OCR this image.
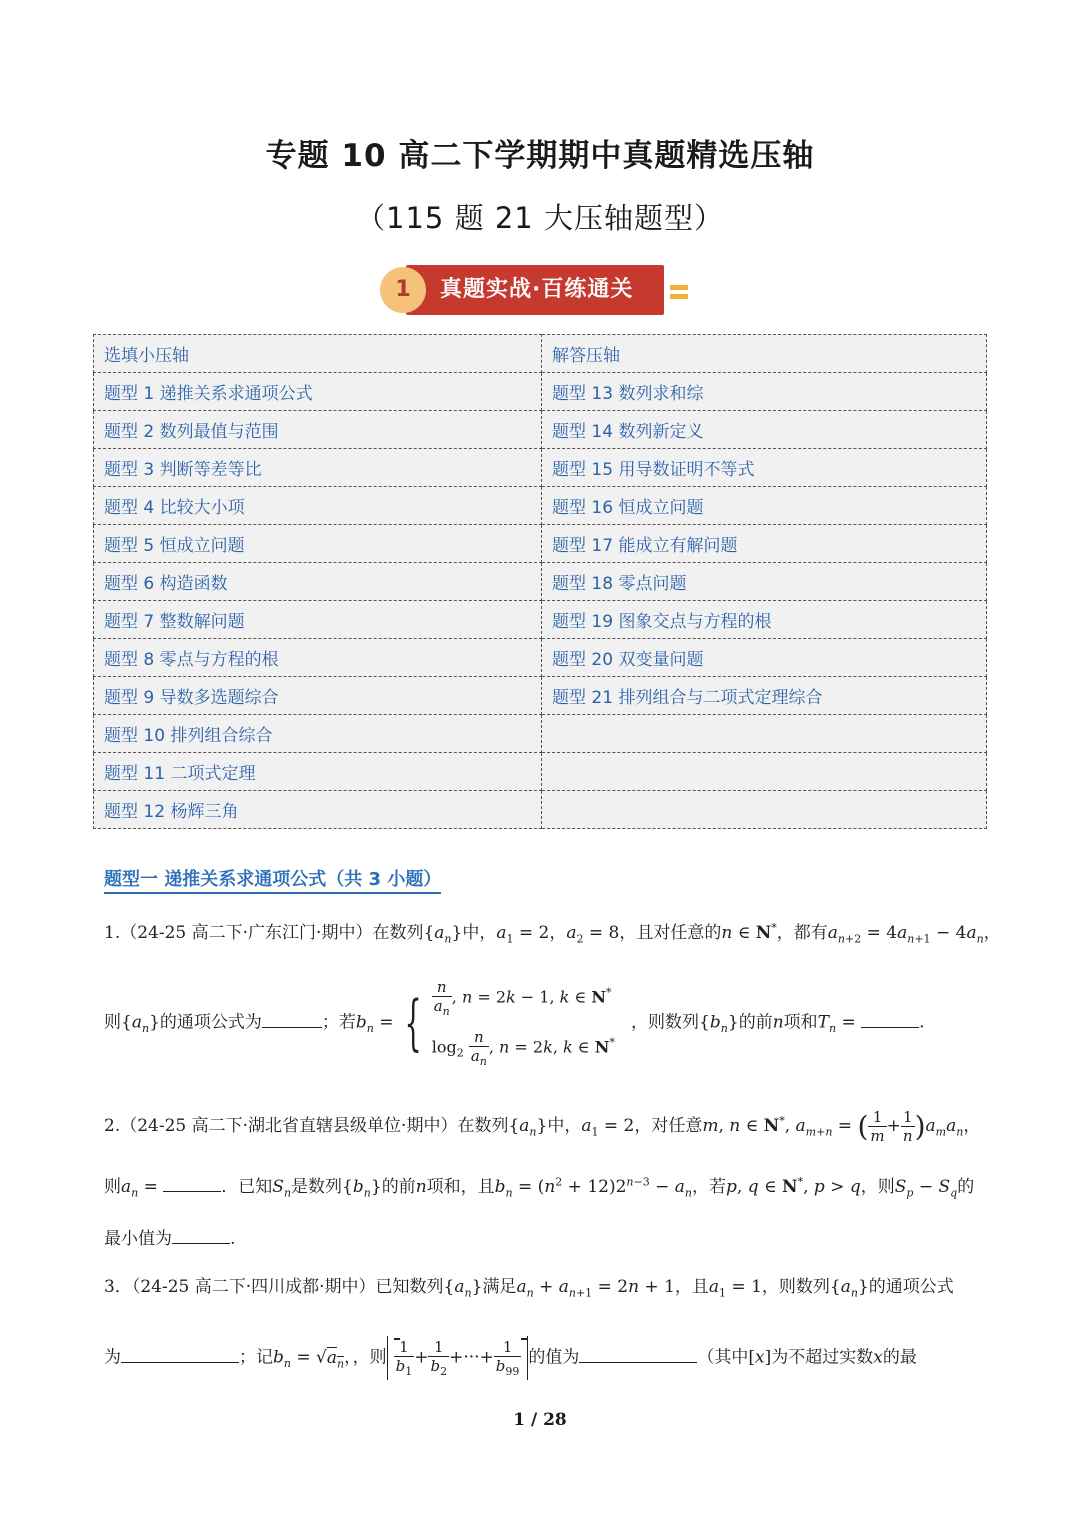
专题 10 高二下学期期中真题精选压轴
（115 题 21 大压轴题型）
1	真题实战·百练通关
选填小压轴	解答压轴
题型 1 递推关系求通项公式	题型 13 数列求和综
题型 2 数列最值与范围	题型 14 数列新定义
题型 3 判断等差等比	题型 15 用导数证明不等式
题型 4 比较大小项	题型 16 恒成立问题
题型 5 恒成立问题	题型 17 能成立有解问题
题型 6 构造函数	题型 18 零点问题
题型 7 整数解问题	题型 19 图象交点与方程的根
题型 8 零点与方程的根	题型 20 双变量问题
题型 9 导数多选题综合	题型 21 排列组合与二项式定理综合
题型 10 排列组合综合	
题型 11 二项式定理	
题型 12 杨辉三角	
题型一 递推关系求通项公式（共 3 小题）
1.（24-25 高二下·广东江门·期中）在数列$\{a_n\}$中，$a_1 = 2$，$a_2 = 8$，且对任意的n ∈ N*，都有$a_{n+2} = 4a_{n+1} - 4a_n$，
则$\{a_n\}$的通项公式为	；若$b_n$ = { $\frac{n}{a_n}$ , n = 2k − 1, k ∈ N*
$\log_2 \frac{n}{a_n}$ , n = 2k, k ∈ N*
，则数列$\{b_n\}$的前n项和$T_n$ =	.
2.（24-25 高二下·湖北省直辖县级单位·期中）在数列$\{a_n\}$中，$a_1 = 2$，对任意m, n ∈ N*, $a_{m+n}$ = ( $\frac{1}{m} + \frac{1}{n} )a_ma_n$，
则$a_n$ =	．已知$S_n$是数列$\{b_n\}$的前n项和，且$b_n = (n^2 + 12)2^{n-3} - a_n$，若p, q ∈ N*, p > q，则$S_p - S_q$的
最小值为	.
3．（24-25 高二下·四川成都·期中）已知数列$\{a_n\}$满足$a_n + a_{n+1} = 2n + 1$，且$a_1 = 1$，则数列$\{a_n\}$的通项公式
为	；记$b_n = √a_n$，，则 $\frac{1}{b_1} + \frac{1}{b_2}$ +···+ $\frac{1}{b_{99}}$ 的值为	（其中[x]为不超过实数x的最
1 / 28
